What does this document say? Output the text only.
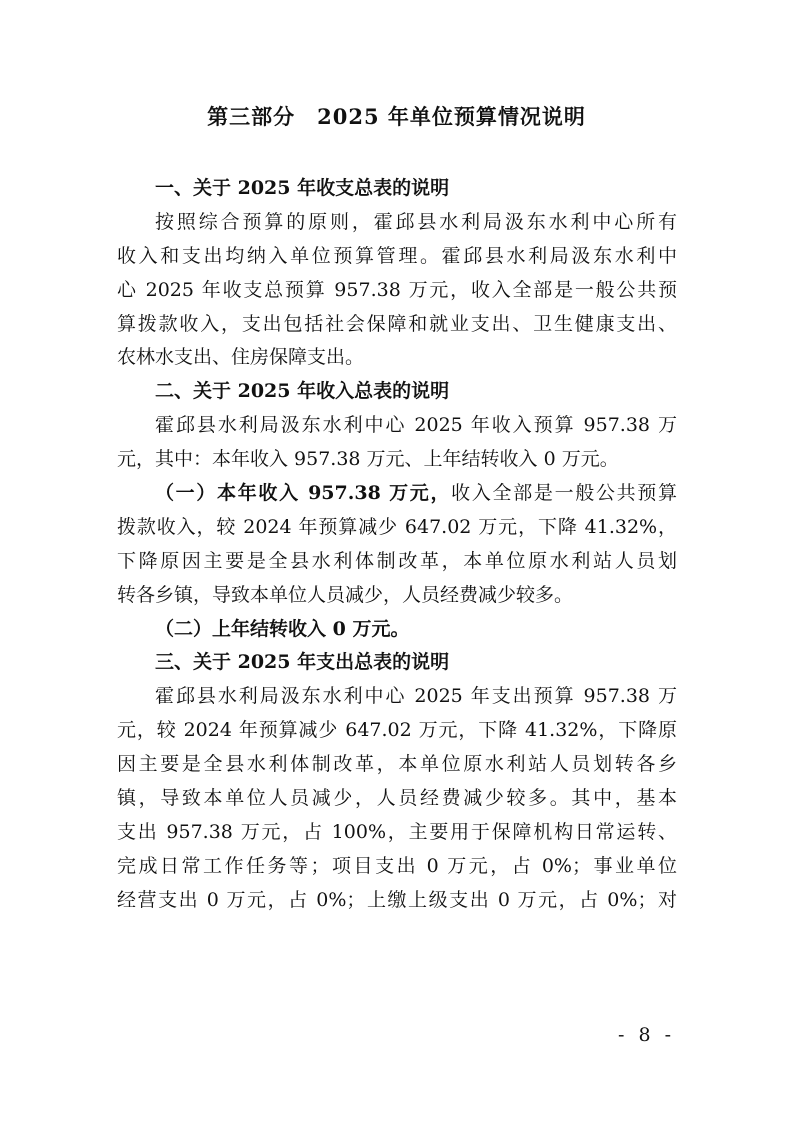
第三部分　2025 年单位预算情况说明
一、关于 2025 年收支总表的说明
按照综合预算的原则，霍邱县水利局汲东水利中心所有
收入和支出均纳入单位预算管理。霍邱县水利局汲东水利中
心 2025 年收支总预算 957.38 万元，收入全部是一般公共预
算拨款收入，支出包括社会保障和就业支出、卫生健康支出、
农林水支出、住房保障支出。
二、关于 2025 年收入总表的说明
霍邱县水利局汲东水利中心 2025 年收入预算 957.38 万
元，其中：本年收入 957.38 万元、上年结转收入 0 万元。
（一）本年收入 957.38 万元，收入全部是一般公共预算
拨款收入，较 2024 年预算减少 647.02 万元，下降 41.32%，
下降原因主要是全县水利体制改革，本单位原水利站人员划
转各乡镇，导致本单位人员减少，人员经费减少较多。
（二）上年结转收入 0 万元。
三、关于 2025 年支出总表的说明
霍邱县水利局汲东水利中心 2025 年支出预算 957.38 万
元，较 2024 年预算减少 647.02 万元，下降 41.32%，下降原
因主要是全县水利体制改革，本单位原水利站人员划转各乡
镇，导致本单位人员减少，人员经费减少较多。其中，基本
支出 957.38 万元，占 100%，主要用于保障机构日常运转、
完成日常工作任务等；项目支出 0 万元，占 0%；事业单位
经营支出 0 万元，占 0%；上缴上级支出 0 万元，占 0%；对
- 8 -
